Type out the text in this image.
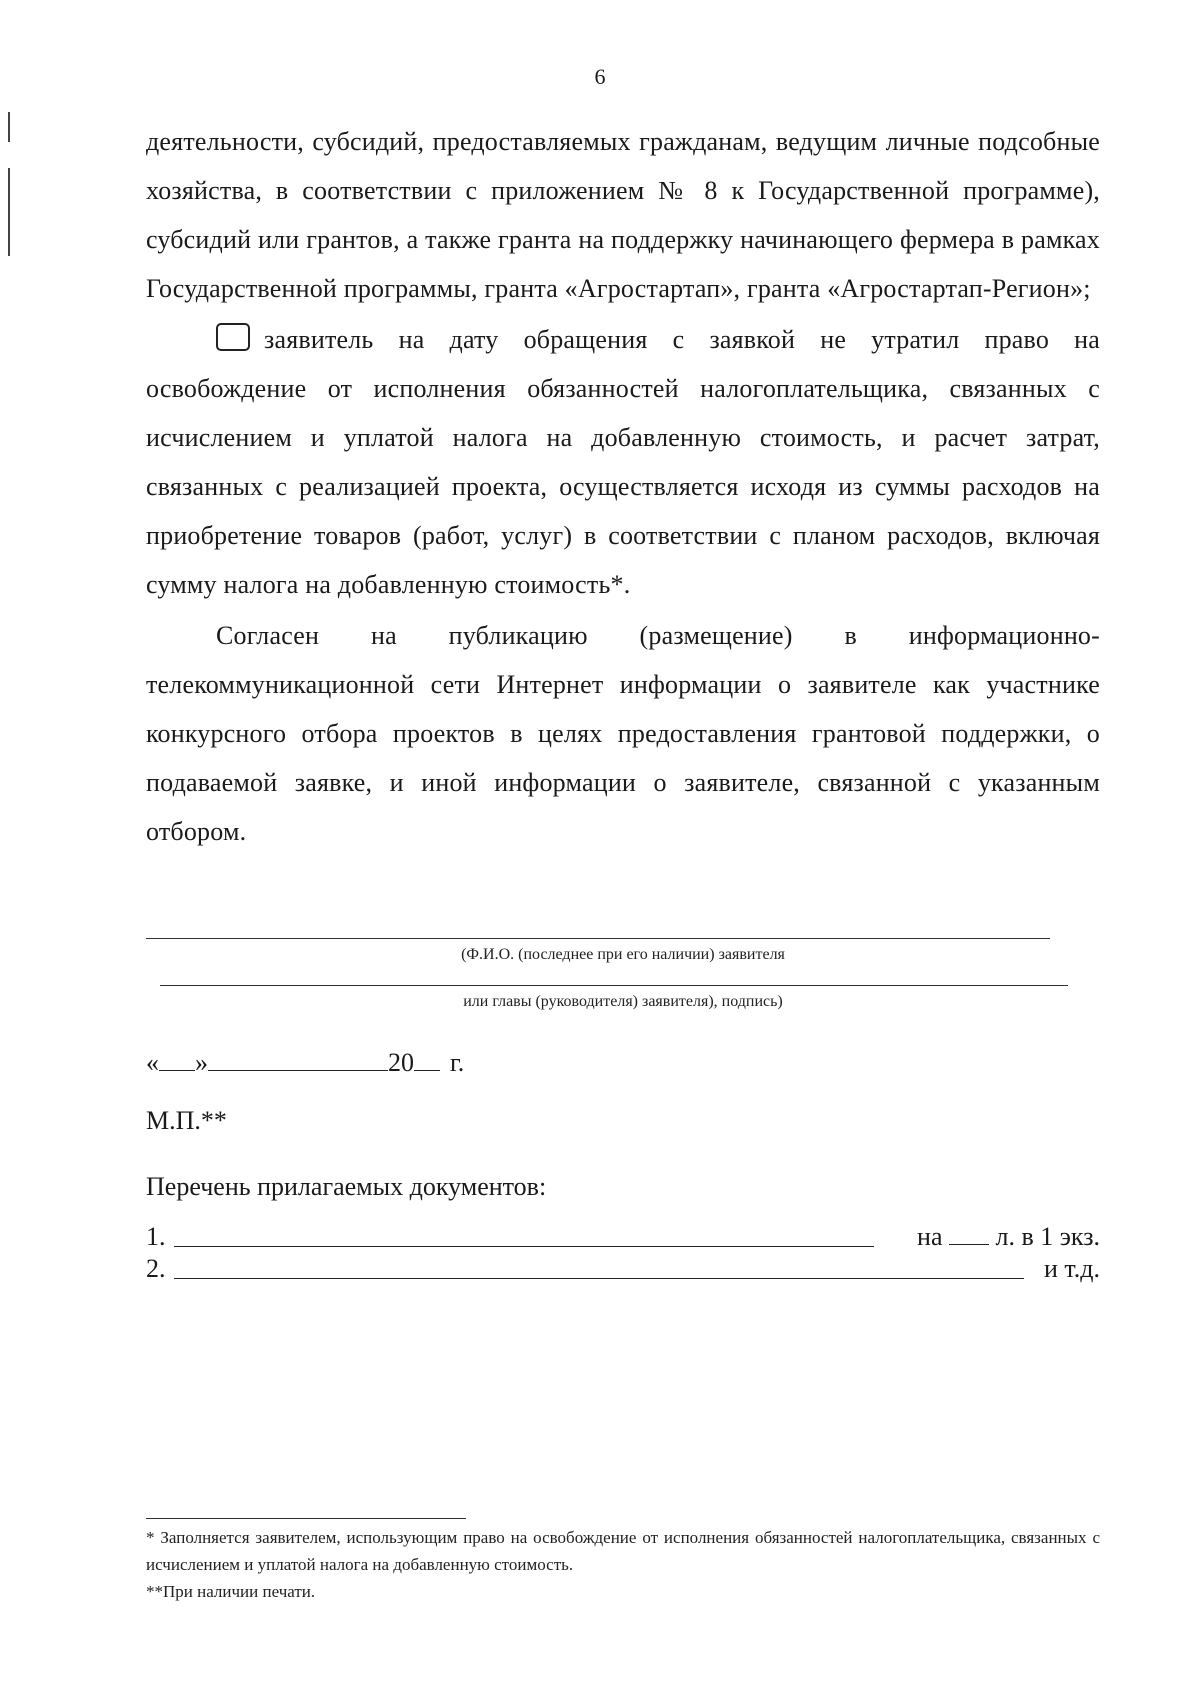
6

деятельности, субсидий, предоставляемых гражданам, ведущим личные подсобные хозяйства, в соответствии с приложением № 8 к Государственной программе), субсидий или грантов, а также гранта на поддержку начинающего фермера в рамках Государственной программы, гранта «Агростартап», гранта «Агростартап-Регион»;

заявитель на дату обращения с заявкой не утратил право на освобождение от исполнения обязанностей налогоплательщика, связанных с исчислением и уплатой налога на добавленную стоимость, и расчет затрат, связанных с реализацией проекта, осуществляется исходя из суммы расходов на приобретение товаров (работ, услуг) в соответствии с планом расходов, включая сумму налога на добавленную стоимость*.

Согласен на публикацию (размещение) в информационно-телекоммуникационной сети Интернет информации о заявителе как участнике конкурсного отбора проектов в целях предоставления грантовой поддержки, о подаваемой заявке, и иной информации о заявителе, связанной с указанным отбором.

(Ф.И.О. (последнее при его наличии) заявителя
или главы (руководителя) заявителя), подпись)
« »	20 г.
М.П.**
Перечень прилагаемых документов:
1.	на л. в 1 экз.
2.	и т.д.

* Заполняется заявителем, использующим право на освобождение от исполнения обязанностей налогоплательщика, связанных с исчислением и уплатой налога на добавленную стоимость.

**При наличии печати.
